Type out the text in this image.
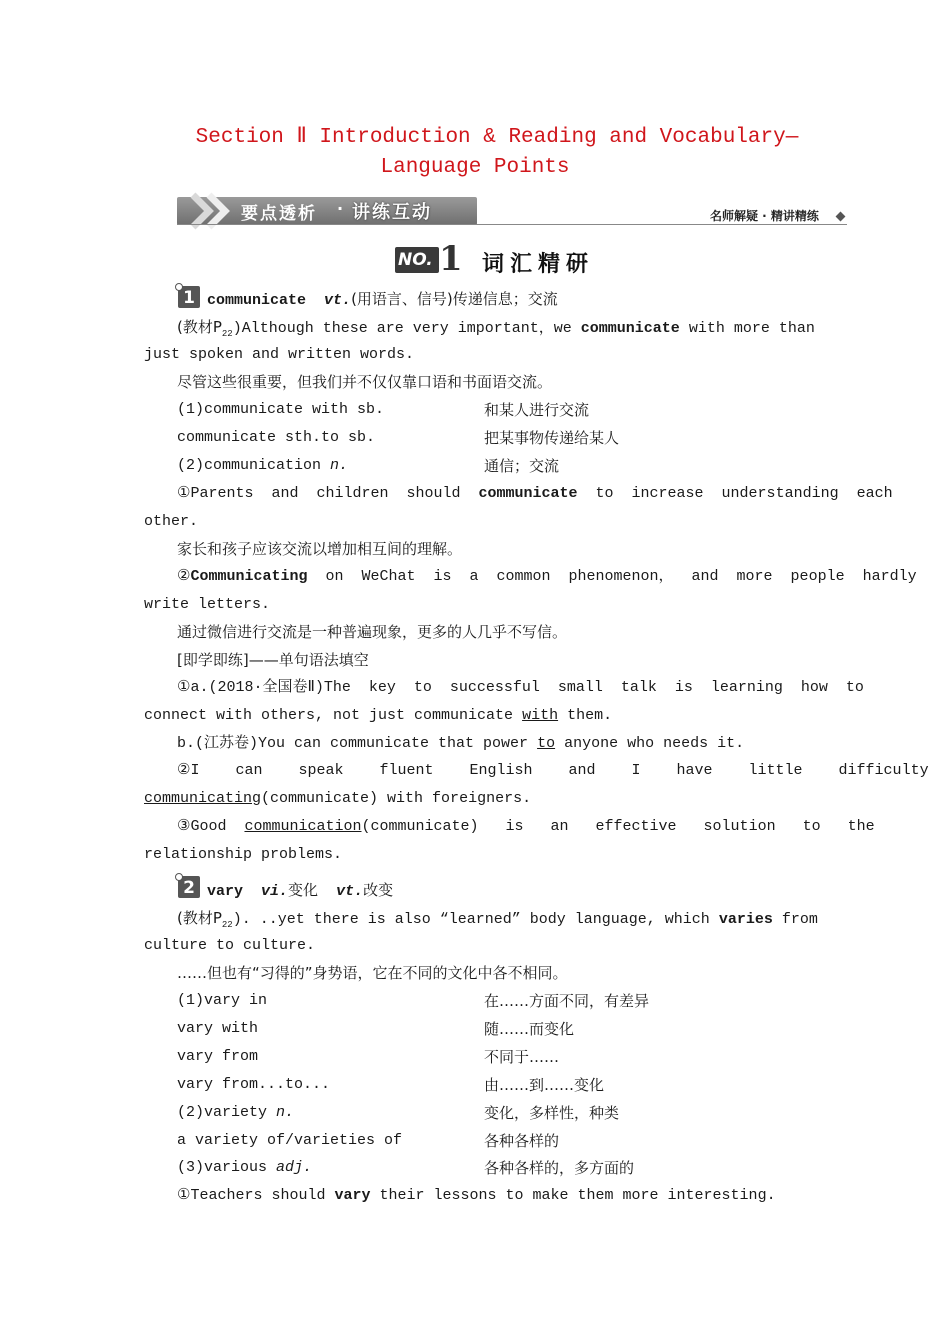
Section Ⅱ Introduction & Reading and Vocabulary—
Language Points
要点透析 · 讲练互动	名师解疑 · 精讲精练
NO. 1 词汇精研
1 communicate vt.(用语言、信号)传递信息；交流
(教材$P_{22})Although$ these are very important，we communicate with more than
just spoken and written words.
尽管这些很重要，但我们并不仅仅靠口语和书面语交流。
(1)communicate with sb.	和某人进行交流
communicate sth.to sb.	把某事物传递给某人
(2)communication n.	通信；交流
①Parents  and  children  should  communicate  to  increase  understanding  each
other.
家长和孩子应该交流以增加相互间的理解。
②Communicating  on  WeChat  is  a  common  phenomenon，  and  more  people  hardly
write letters.
通过微信进行交流是一种普遍现象，更多的人几乎不写信。
[即学即练]——单句语法填空
①a.(2018·全国卷Ⅱ)The  key  to  successful  small  talk  is  learning  how  to
connect with others, not just communicate with them.
b.(江苏卷)You can communicate that power to anyone who needs it.
②I    can    speak    fluent    English    and    I    have    little    difficulty
communicating(communicate) with foreigners.
③Good  communication(communicate)   is   an   effective   solution   to   the
relationship problems.
2 vary vi.变化 vt.改变
(教材$P_{22}$). ..yet there is also “learned” body language, which varies from
culture to culture.
……但也有“习得的”身势语，它在不同的文化中各不相同。
(1)vary in	在……方面不同，有差异
vary with	随……而变化
vary from	不同于……
vary from...to...	由……到……变化
(2)variety n.	变化，多样性，种类
a variety of/varieties of	各种各样的
(3)various adj.	各种各样的，多方面的
①Teachers should vary their lessons to make them more interesting.
